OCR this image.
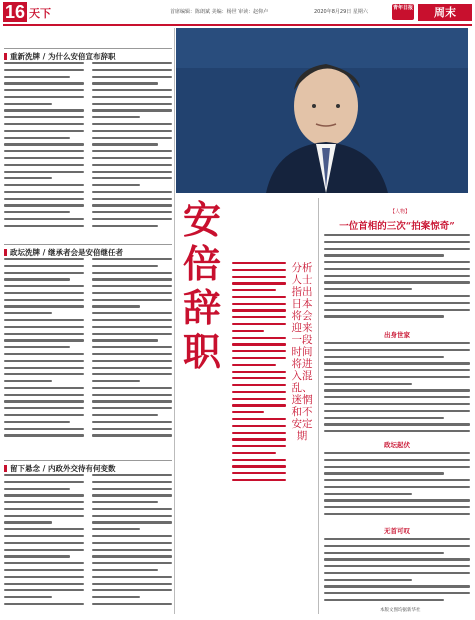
16 天下	首席编辑：陈朗斌 美编：杨世 审读：赵仰卢	2020年8月29日 星期六
青年日报	周末
重新洗牌 / 为什么安倍宣布辞职
政坛洗牌 / 继承者会是安倍继任者
留下悬念 / 内政外交待有何变数
安倍辞职
分析人士指出日本将会迎来一段时间将进入混乱、迷惘和不安定期
【人物】
一位首相的三次“拍案惊奇”
出身世家
政坛起伏
无首可叹
本版文图均据新华社
